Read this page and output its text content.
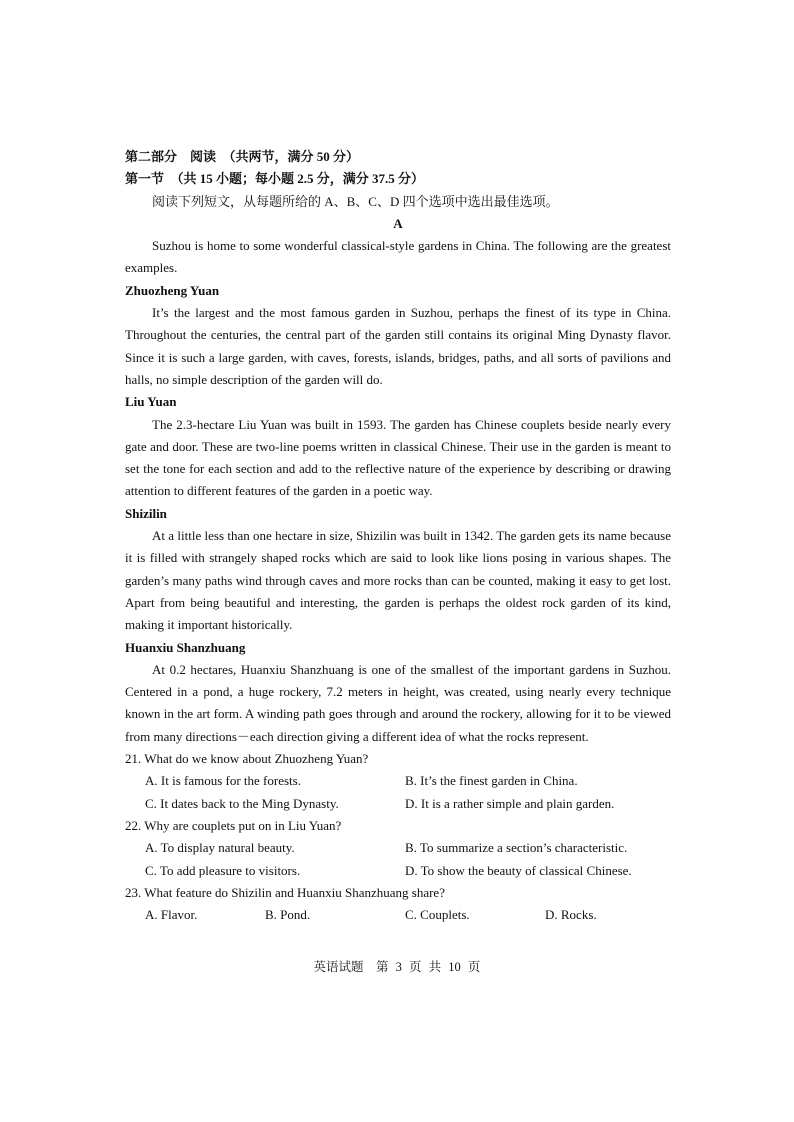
第二部分　阅读　（共两节，满分 50 分）
第一节　（共 15 小题；每小题 2.5 分，满分 37.5 分）
阅读下列短文，从每题所给的 A、B、C、D 四个选项中选出最佳选项。
A
Suzhou is home to some wonderful classical-style gardens in China. The following are the greatest examples.
Zhuozheng Yuan
It’s the largest and the most famous garden in Suzhou, perhaps the finest of its type in China. Throughout the centuries, the central part of the garden still contains its original Ming Dynasty flavor. Since it is such a large garden, with caves, forests, islands, bridges, paths, and all sorts of pavilions and halls, no simple description of the garden will do.
Liu Yuan
The 2.3-hectare Liu Yuan was built in 1593. The garden has Chinese couplets beside nearly every gate and door. These are two-line poems written in classical Chinese. Their use in the garden is meant to set the tone for each section and add to the reflective nature of the experience by describing or drawing attention to different features of the garden in a poetic way.
Shizilin
At a little less than one hectare in size, Shizilin was built in 1342. The garden gets its name because it is filled with strangely shaped rocks which are said to look like lions posing in various shapes. The garden’s many paths wind through caves and more rocks than can be counted, making it easy to get lost. Apart from being beautiful and interesting, the garden is perhaps the oldest rock garden of its kind, making it important historically.
Huanxiu Shanzhuang
At 0.2 hectares, Huanxiu Shanzhuang is one of the smallest of the important gardens in Suzhou. Centered in a pond, a huge rockery, 7.2 meters in height, was created, using nearly every technique known in the art form. A winding path goes through and around the rockery, allowing for it to be viewed from many directions－each direction giving a different idea of what the rocks represent.
21. What do we know about Zhuozheng Yuan?
A. It is famous for the forests.	B. It’s the finest garden in China.
C. It dates back to the Ming Dynasty.	D. It is a rather simple and plain garden.
22. Why are couplets put on in Liu Yuan?
A. To display natural beauty.	B. To summarize a section’s characteristic.
C. To add pleasure to visitors.	D. To show the beauty of classical Chinese.
23. What feature do Shizilin and Huanxiu Shanzhuang share?
A. Flavor.	B. Pond.	C. Couplets.	D. Rocks.
英语试题　第 3 页 共 10 页
